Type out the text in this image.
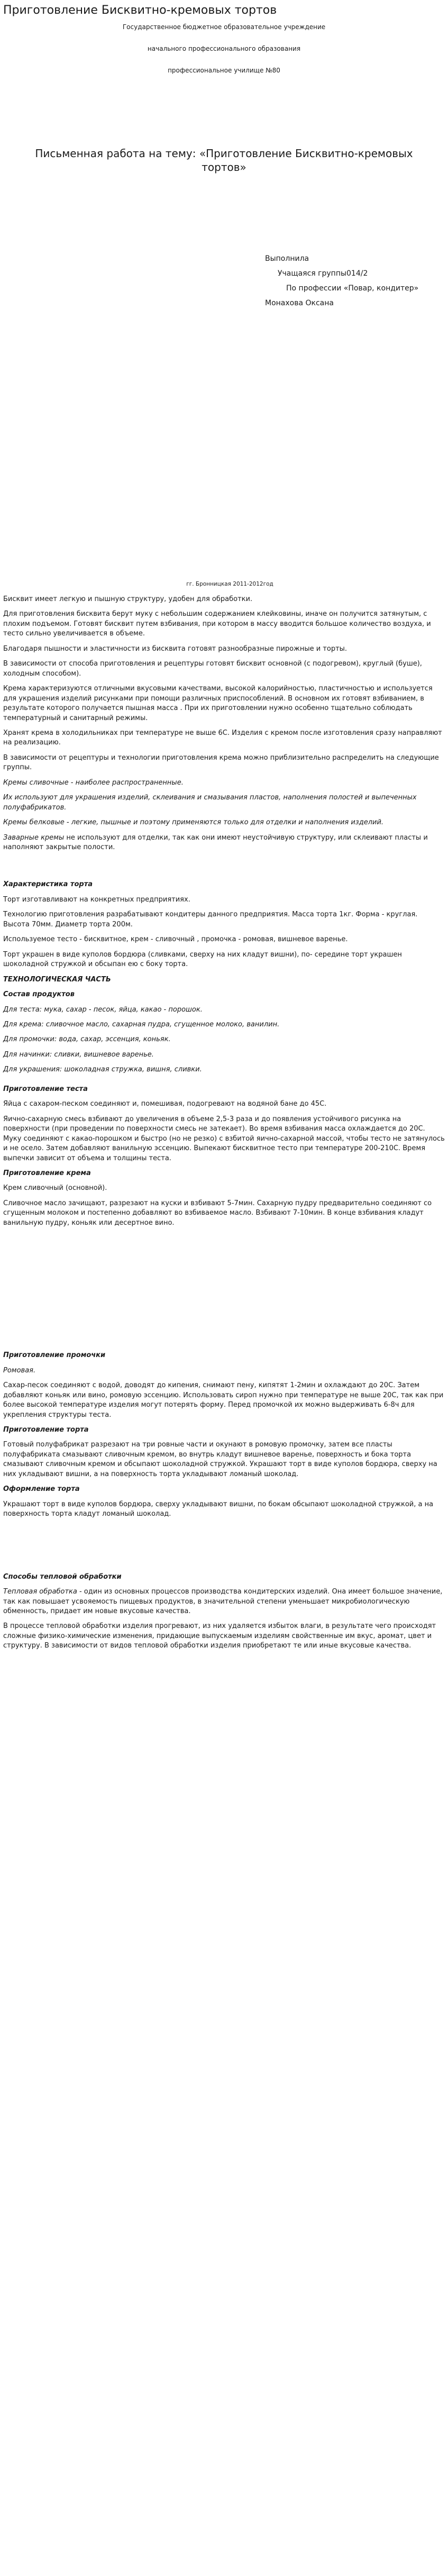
Приготовление Бисквитно-кремовых тортов

Государственное бюджетное образовательное учреждение

начального профессионального образования

профессиональное училище №80

Письменная работа на тему: «Приготовление Бисквитно-кремовых тортов»

Выполнила

Учащаяся группы014/2

По профессии «Повар, кондитер»

Монахова Оксана

гг. Бронницкая 2011-2012год

Бисквит имеет легкую и пышную структуру, удобен для обработки.

Для приготовления бисквита берут муку с небольшим содержанием клейковины, иначе он получится затянутым, с плохим подъемом. Готовят бисквит путем взбивания, при котором в массу вводится большое количество воздуха, и тесто сильно увеличивается в объеме.

Благодаря пышности и эластичности из бисквита готовят разнообразные пирожные и торты.

В зависимости от способа приготовления и рецептуры готовят бисквит основной (с подогревом), круглый (буше), холодным способом).

Крема характеризуются отличными вкусовыми качествами, высокой калорийностью, пластичностью и используется для украшения изделий рисунками при помощи различных приспособлений. В основном их готовят взбиванием, в результате которого получается пышная масса . При их приготовлении нужно особенно тщательно соблюдать температурный и санитарный режимы.

Хранят крема в холодильниках при температуре не выше 6С. Изделия с кремом после изготовления сразу направляют на реализацию.

В зависимости от рецептуры и технологии приготовления крема можно приблизительно распределить на следующие группы.

Кремы сливочные - наиболее распространенные.

Их используют для украшения изделий, склеивания и смазывания пластов, наполнения полостей и выпеченных полуфабрикатов.

Кремы белковые - легкие, пышные и поэтому применяются только для отделки и наполнения изделий.

Заварные кремы не используют для отделки, так как они имеют неустойчивую структуру, или склеивают пласты и наполняют закрытые полости.

Характеристика торта

Торт изготавливают на конкретных предприятиях.

Технологию приготовления разрабатывают кондитеры данного предприятия. Масса торта 1кг. Форма - круглая. Высота 70мм. Диаметр торта 200м.

Используемое тесто - бисквитное, крем - сливочный , промочка - ромовая, вишневое варенье.

Торт украшен в виде куполов бордюра (сливками, сверху на них кладут вишни), по- середине торт украшен шоколадной стружкой и обсыпан ею с боку торта.

ТЕХНОЛОГИЧЕСКАЯ ЧАСТЬ
Состав продуктов

Для теста: мука, сахар - песок, яйца, какао - порошок.

Для крема: сливочное масло, сахарная пудра, сгущенное молоко, ванилин.

Для промочки: вода, сахар, эссенция, коньяк.

Для начинки: сливки, вишневое варенье.

Для украшения: шоколадная стружка, вишня, сливки.

Приготовление теста

Яйца с сахаром-песком соединяют и, помешивая, подогревают на водяной бане до 45С.

Яично-сахарную смесь взбивают до увеличения в объеме 2,5-3 раза и до появления устойчивого рисунка на поверхности (при проведении по поверхности смесь не затекает). Во время взбивания масса охлаждается до 20С. Муку соединяют с какао-порошком и быстро (но не резко) с взбитой яично-сахарной массой, чтобы тесто не затянулось и не осело. Затем добавляют ванильную эссенцию. Выпекают бисквитное тесто при температуре 200-210С. Время выпечки зависит от объема и толщины теста.

Приготовление крема

Крем сливочный (основной).

Сливочное масло зачищают, разрезают на куски и взбивают 5-7мин. Сахарную пудру предварительно соединяют со сгущенным молоком и постепенно добавляют во взбиваемое масло. Взбивают 7-10мин. В конце взбивания кладут ванильную пудру, коньяк или десертное вино.

Приготовление промочки

Ромовая.

Сахар-песок соединяют с водой, доводят до кипения, снимают пену, кипятят 1-2мин и охлаждают до 20С. Затем добавляют коньяк или вино, ромовую эссенцию. Использовать сироп нужно при температуре не выше 20С, так как при более высокой температуре изделия могут потерять форму. Перед промочкой их можно выдерживать 6-8ч для укрепления структуры теста.

Приготовление торта

Готовый полуфабрикат разрезают на три ровные части и окунают в ромовую промочку, затем все пласты полуфабриката смазывают сливочным кремом, во внутрь кладут вишневое варенье, поверхность и бока торта смазывают сливочным кремом и обсыпают шоколадной стружкой. Украшают торт в виде куполов бордюра, сверху на них укладывают вишни, а на поверхность торта укладывают ломаный шоколад.

Оформление торта

Украшают торт в виде куполов бордюра, сверху укладывают вишни, по бокам обсыпают шоколадной стружкой, а на поверхность торта кладут ломаный шоколад.

Способы тепловой обработки

Тепловая обработка - один из основных процессов производства кондитерских изделий. Она имеет большое значение, так как повышает усвояемость пищевых продуктов, в значительной степени уменьшает микробиологическую обменность, придает им новые вкусовые качества.

В процессе тепловой обработки изделия прогревают, из них удаляется избыток влаги, в результате чего происходят сложные физико-химические изменения, придающие выпускаемым изделиям свойственные им вкус, аромат, цвет и структуру. В зависимости от видов тепловой обработки изделия приобретают те или иные вкусовые качества.
